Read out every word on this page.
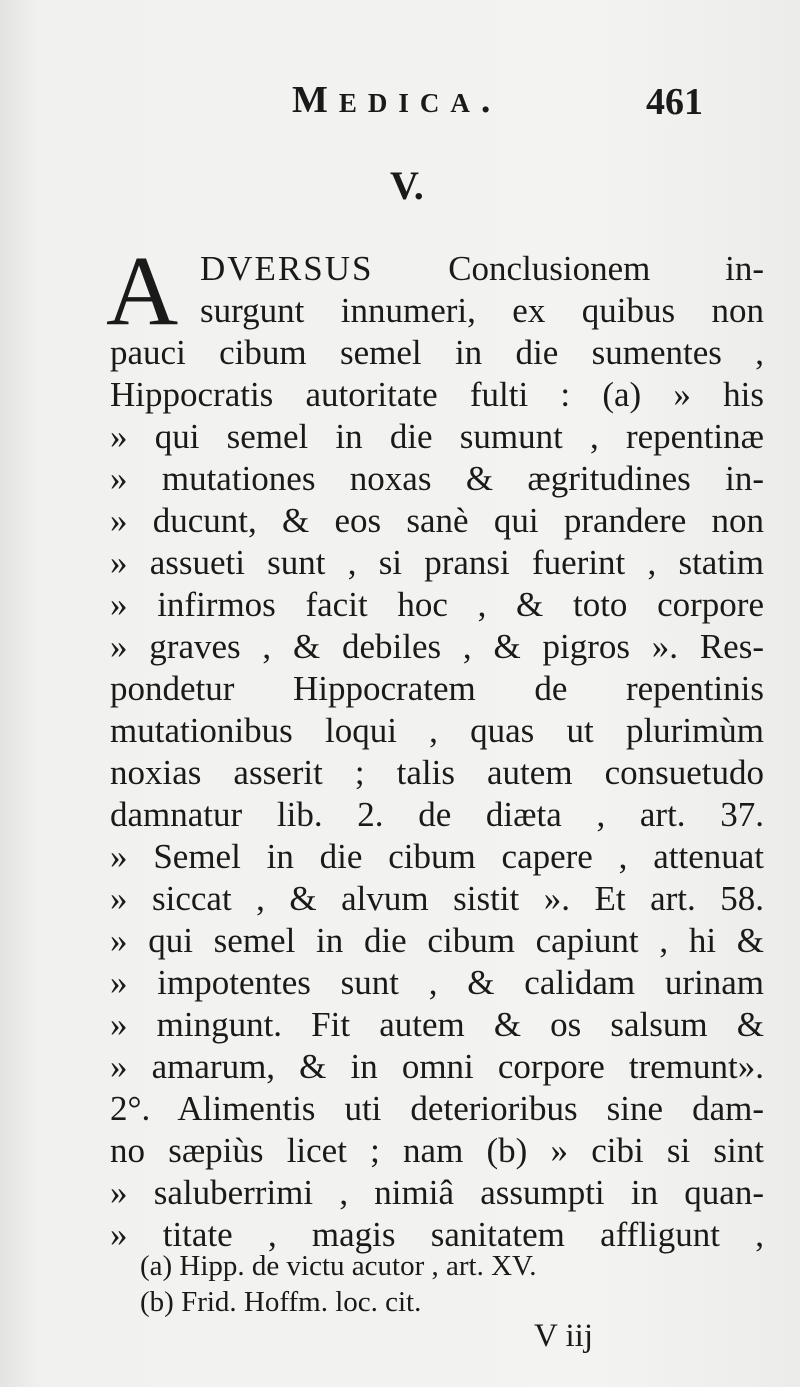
Medica.	461
V.
A DVERSUS Conclusionem in-
surgunt innumeri, ex quibus non
pauci cibum semel in die sumentes ,
Hippocratis autoritate fulti : (a) » his
» qui semel in die sumunt , repentinæ
» mutationes noxas & ægritudines in-
» ducunt, & eos sanè qui prandere non
» assueti sunt , si pransi fuerint , statim
» infirmos facit hoc , & toto corpore
» graves , & debiles , & pigros ». Res-
pondetur Hippocratem de repentinis
mutationibus loqui , quas ut plurimùm
noxias asserit ; talis autem consuetudo
damnatur lib. 2. de diæta , art. 37.
» Semel in die cibum capere , attenuat
» siccat , & alvum sistit ». Et art. 58.
» qui semel in die cibum capiunt , hi &
» impotentes sunt , & calidam urinam
» mingunt. Fit autem & os salsum &
» amarum, & in omni corpore tremunt».
2°. Alimentis uti deterioribus sine dam-
no sæpiùs licet ; nam (b) » cibi si sint
» saluberrimi , nimiâ assumpti in quan-
» titate , magis sanitatem affligunt ,
(a) Hipp. de victu acutor , art. XV.
(b) Frid. Hoffm. loc. cit.
V iij
